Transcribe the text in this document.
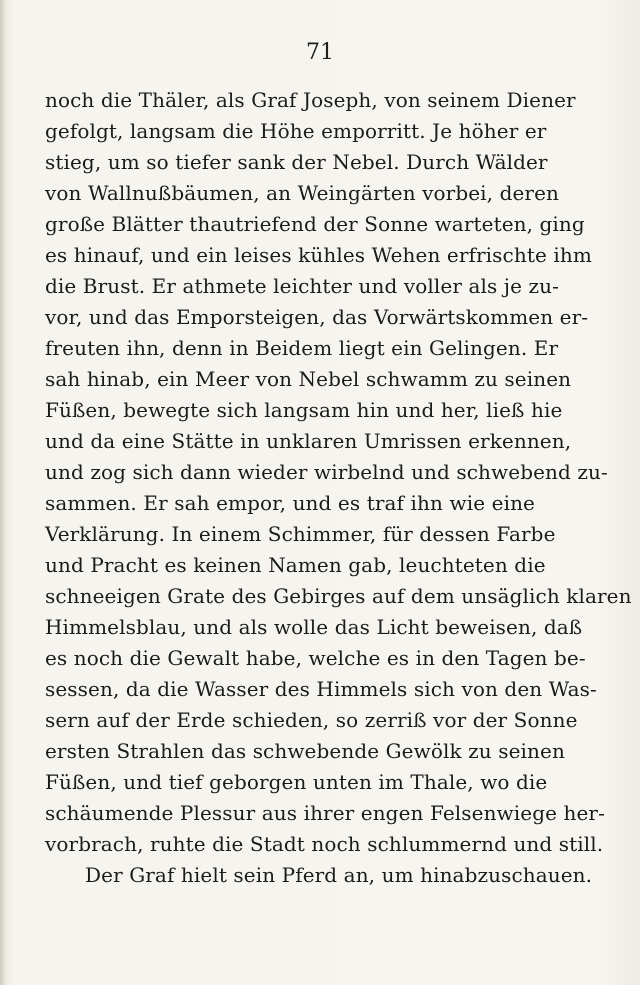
71
noch die Thäler, als Graf Joseph, von seinem Diener
gefolgt, langsam die Höhe emporritt. Je höher er
stieg, um so tiefer sank der Nebel. Durch Wälder
von Wallnußbäumen, an Weingärten vorbei, deren
große Blätter thautriefend der Sonne warteten, ging
es hinauf, und ein leises kühles Wehen erfrischte ihm
die Brust. Er athmete leichter und voller als je zu-
vor, und das Emporsteigen, das Vorwärtskommen er-
freuten ihn, denn in Beidem liegt ein Gelingen. Er
sah hinab, ein Meer von Nebel schwamm zu seinen
Füßen, bewegte sich langsam hin und her, ließ hie
und da eine Stätte in unklaren Umrissen erkennen,
und zog sich dann wieder wirbelnd und schwebend zu-
sammen. Er sah empor, und es traf ihn wie eine
Verklärung. In einem Schimmer, für dessen Farbe
und Pracht es keinen Namen gab, leuchteten die
schneeigen Grate des Gebirges auf dem unsäglich klaren
Himmelsblau, und als wolle das Licht beweisen, daß
es noch die Gewalt habe, welche es in den Tagen be-
sessen, da die Wasser des Himmels sich von den Was-
sern auf der Erde schieden, so zerriß vor der Sonne
ersten Strahlen das schwebende Gewölk zu seinen
Füßen, und tief geborgen unten im Thale, wo die
schäumende Plessur aus ihrer engen Felsenwiege her-
vorbrach, ruhte die Stadt noch schlummernd und still.
Der Graf hielt sein Pferd an, um hinabzuschauen.
